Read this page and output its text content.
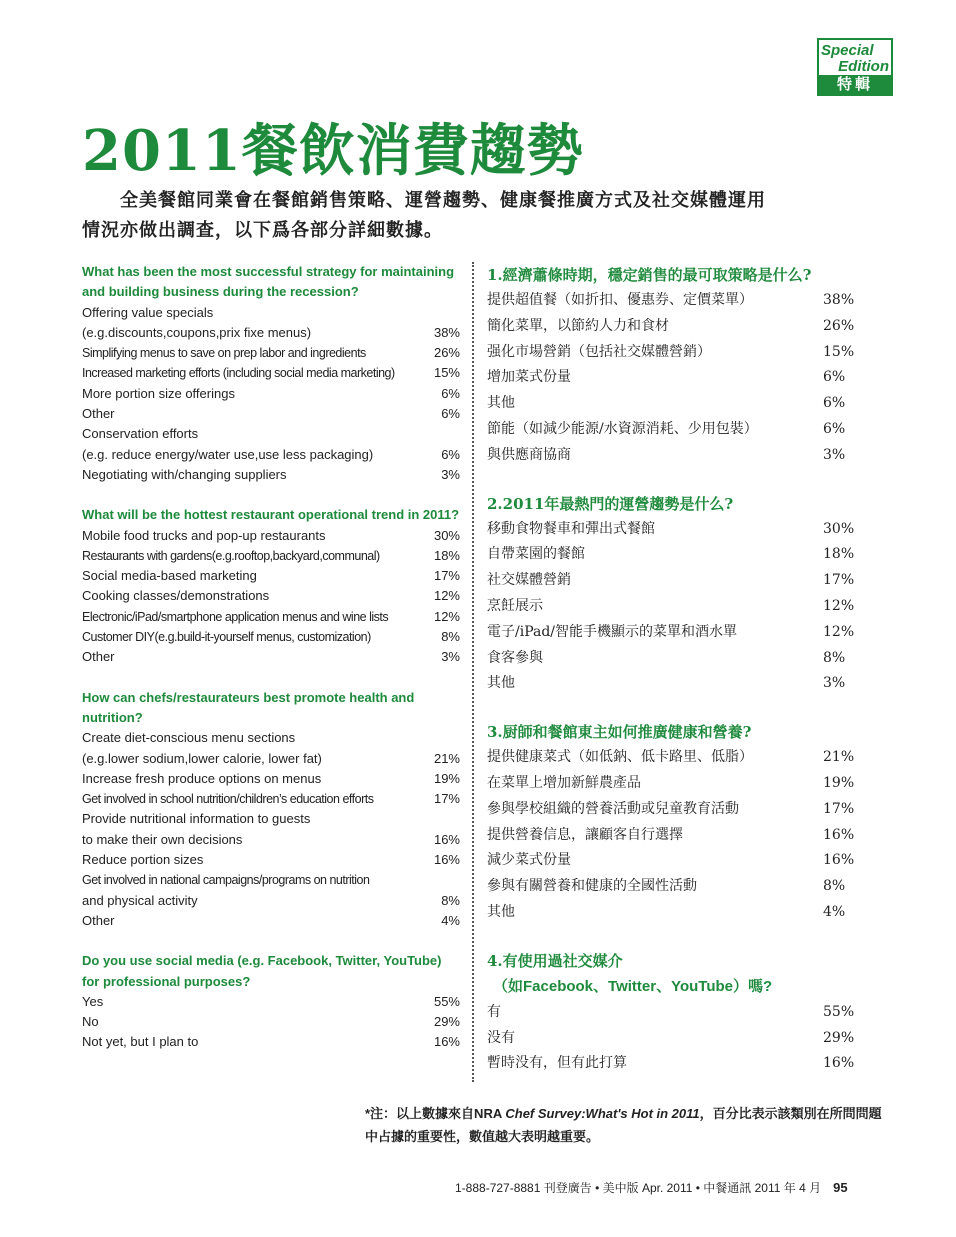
Special
Edition
特輯
2011餐飲消費趨勢

全美餐館同業會在餐館銷售策略、運營趨勢、健康餐推廣方式及社交媒體運用情況亦做出調查，以下爲各部分詳細數據。

What has been the most successful strategy for maintaining and building business during the recession?
Offering value specials
(e.g.discounts,coupons,prix fixe menus)	38%
Simplifying menus to save on prep labor and ingredients	26%
Increased marketing efforts (including social media marketing)	15%
More portion size offerings	6%
Other	6%
Conservation efforts
(e.g. reduce energy/water use,use less packaging)	6%
Negotiating with/changing suppliers	3%
What will be the hottest restaurant operational trend in 2011?
Mobile food trucks and pop-up restaurants	30%
Restaurants with gardens(e.g.rooftop,backyard,communal)	18%
Social media-based marketing	17%
Cooking classes/demonstrations	12%
Electronic/iPad/smartphone application menus and wine lists	12%
Customer DIY(e.g.build-it-yourself menus, customization)	8%
Other	3%
How can chefs/restaurateurs best promote health and nutrition?
Create diet-conscious menu sections
(e.g.lower sodium,lower calorie, lower fat)	21%
Increase fresh produce options on menus	19%
Get involved in school nutrition/children’s education efforts	17%
Provide nutritional information to guests
to make their own decisions	16%
Reduce portion sizes	16%
Get involved in national campaigns/programs on nutrition
and physical activity	8%
Other	4%
Do you use social media (e.g. Facebook, Twitter, YouTube) for professional purposes?
Yes	55%
No	29%
Not yet, but I plan to	16%
1.經濟蕭條時期，穩定銷售的最可取策略是什么?
提供超值餐（如折扣、優惠券、定價菜單）	38%
簡化菜單，以節約人力和食材	26%
强化市場營銷（包括社交媒體營銷）	15%
增加菜式份量	6%
其他	6%
節能（如減少能源/水資源消耗、少用包裝）	6%
與供應商協商	3%
2.2011年最熱門的運營趨勢是什么?
移動食物餐車和彈出式餐館	30%
自帶菜園的餐館	18%
社交媒體營銷	17%
烹飪展示	12%
電子/iPad/智能手機顯示的菜單和酒水單	12%
食客參與	8%
其他	3%
3.厨師和餐館東主如何推廣健康和營養?
提供健康菜式（如低鈉、低卡路里、低脂）	21%
在菜單上增加新鮮農產品	19%
參與學校組織的營養活動或兒童教育活動	17%
提供營養信息，讓顧客自行選擇	16%
減少菜式份量	16%
參與有關營養和健康的全國性活動	8%
其他	4%
4.有使用過社交媒介
（如Facebook、Twitter、YouTube）嗎?
有	55%
没有	29%
暫時没有，但有此打算	16%

*注：以上數據來自NRA Chef Survey:What's Hot in 2011，百分比表示該類別在所問問題中占據的重要性，數值越大表明越重要。

1-888-727-8881 刊登廣告 • 美中版 Apr. 2011 • 中餐通訊 2011 年 4 月 95
